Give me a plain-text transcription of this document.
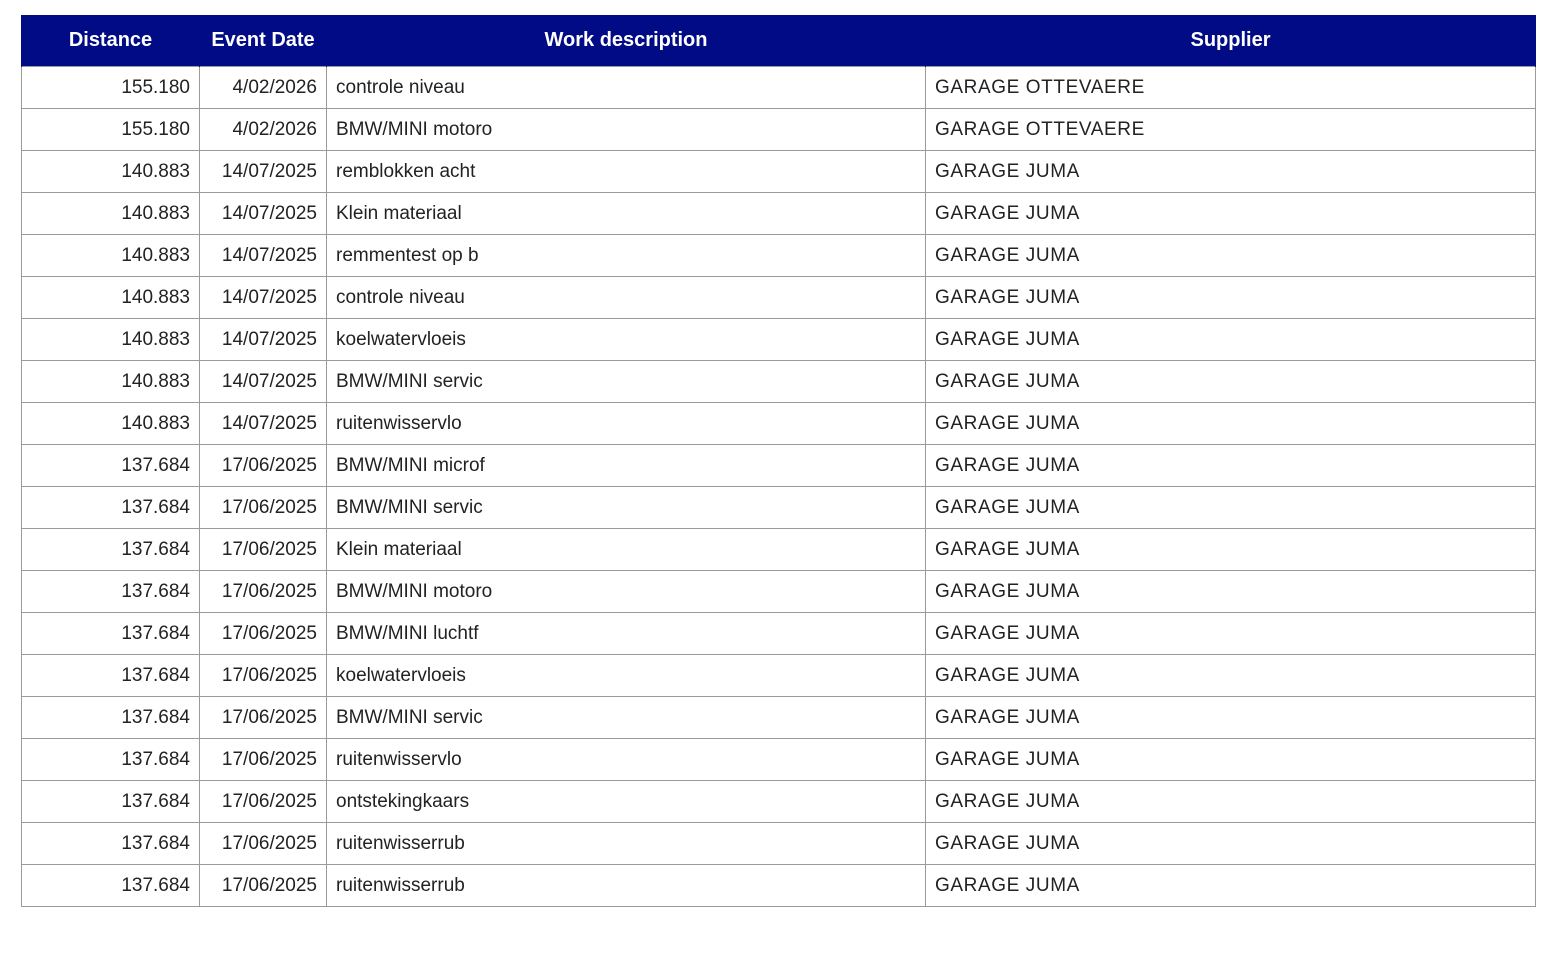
Distance	Event Date	Work description	Supplier
155.180	4/02/2026	controle niveau	GARAGE OTTEVAERE
155.180	4/02/2026	BMW/MINI motoro	GARAGE OTTEVAERE
140.883	14/07/2025	remblokken acht	GARAGE JUMA
140.883	14/07/2025	Klein materiaal	GARAGE JUMA
140.883	14/07/2025	remmentest op b	GARAGE JUMA
140.883	14/07/2025	controle niveau	GARAGE JUMA
140.883	14/07/2025	koelwatervloeis	GARAGE JUMA
140.883	14/07/2025	BMW/MINI servic	GARAGE JUMA
140.883	14/07/2025	ruitenwisservlo	GARAGE JUMA
137.684	17/06/2025	BMW/MINI microf	GARAGE JUMA
137.684	17/06/2025	BMW/MINI servic	GARAGE JUMA
137.684	17/06/2025	Klein materiaal	GARAGE JUMA
137.684	17/06/2025	BMW/MINI motoro	GARAGE JUMA
137.684	17/06/2025	BMW/MINI luchtf	GARAGE JUMA
137.684	17/06/2025	koelwatervloeis	GARAGE JUMA
137.684	17/06/2025	BMW/MINI servic	GARAGE JUMA
137.684	17/06/2025	ruitenwisservlo	GARAGE JUMA
137.684	17/06/2025	ontstekingkaars	GARAGE JUMA
137.684	17/06/2025	ruitenwisserrub	GARAGE JUMA
137.684	17/06/2025	ruitenwisserrub	GARAGE JUMA
